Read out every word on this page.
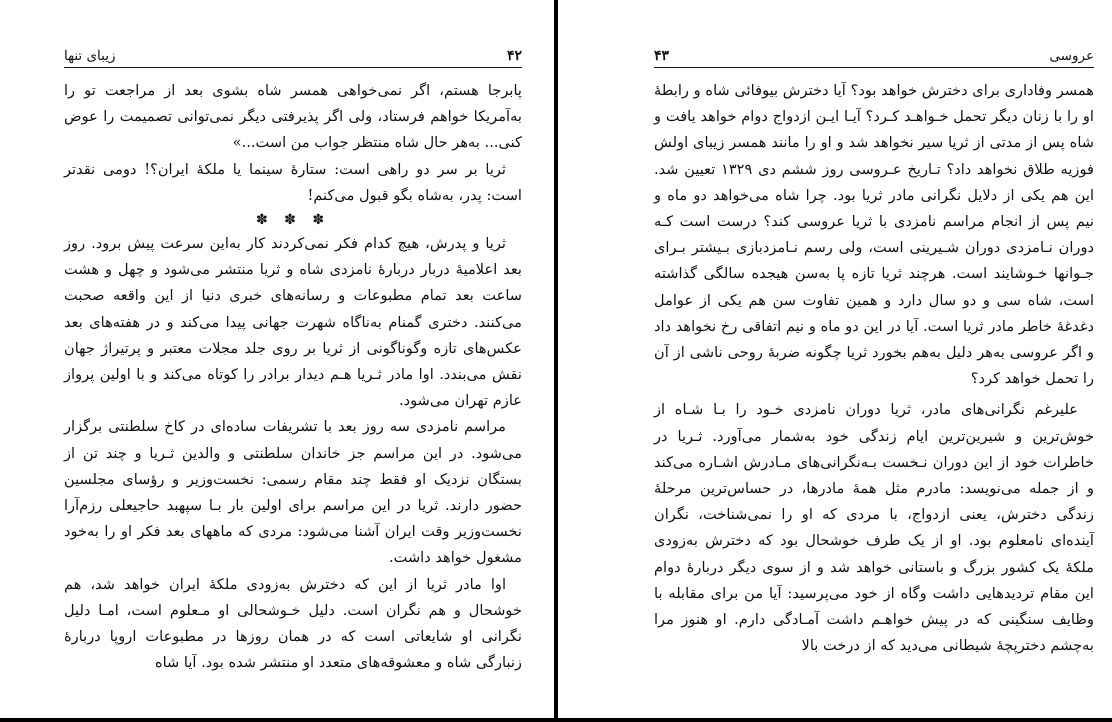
۴۲
زیبای تنها

پابرجا هستم، اگر نمی‌خواهی همسر شاه بشوی بعد از مراجعت تو را به‌آمریکا خواهم فرستاد، ولی اگر پذیرفتی دیگر نمی‌توانی تصمیمت را عوض کنی... به‌هر حال شاه منتظر جواب من است...»

ثریا بر سر دو راهی است: ستارهٔ سینما یا ملکهٔ ایران؟! دومی نقدتر است: پدر، به‌شاه بگو قبول می‌کنم!

✽ ✽ ✽

ثریا و پدرش، هیچ کدام فکر نمی‌کردند کار به‌این سرعت پیش برود. روز بعد اعلامیهٔ دربار دربارهٔ نامزدی شاه و ثریا منتشر می‌شود و چهل و هشت ساعت بعد تمام مطبوعات و رسانه‌های خبری دنیا از این واقعه صحبت می‌کنند. دختری گمنام به‌ناگاه شهرت جهانی پیدا می‌کند و در هفته‌های بعد عکس‌های تازه وگوناگونی از ثریا بر روی جلد مجلات معتبر و پرتیراژ جهان نقش می‌بندد. اوا مادر ثـریا هـم دیدار برادر را کوتاه می‌کند و با اولین پرواز عازم تهران می‌شود.

مراسم نامزدی سه روز بعد با تشریفات ساده‌ای در کاخ سلطنتی برگزار می‌شود. در این مراسم جز خاندان سلطنتی و والدین ثـریا و چند تن از بستگان نزدیک او فقط چند مقام رسمی: نخست‌وزیر و رؤسای مجلسین حضور دارند. ثریا در این مراسم برای اولین بار بـا سپهبد حاجیعلی رزم‌آرا نخست‌وزیر وقت ایران آشنا می‌شود: مردی که ماههای بعد فکر او را به‌خود مشغول خواهد داشت.

اوا مادر ثریا از این که دخترش به‌زودی ملکهٔ ایران خواهد شد، هم خوشحال و هم نگران است. دلیل خـوشحالی او مـعلوم است، امـا دلیل نگرانی او شایعاتی است که در همان روزها در مطبوعات اروپا دربارهٔ زنبارگی شاه و معشوقه‌های متعدد او منتشر شده بود. آیا شاه

عروسی
۴۳

همسر وفاداری برای دخترش خواهد بود؟ آیا دخترش بیوفائی شاه و رابطهٔ او را با زنان دیگر تحمل خـواهـد کـرد؟ آیـا ایـن ازدواج دوام خواهد یافت و شاه پس از مدتی از ثریا سیر نخواهد شد و او را مانند همسر زیبای اولش فوزیه طلاق نخواهد داد؟ تـاریخ عـروسی روز ششم دی ۱۳۲۹ تعیین شد. این هم یکی از دلایل نگرانی مادر ثریا بود. چرا شاه می‌خواهد دو ماه و نیم پس از انجام مراسم نامزدی با ثریا عروسی کند؟ درست است کـه دوران نـامزدی دوران شـیرینی است، ولی رسم نـامزدبازی بـیشتر بـرای جـوانها خـوشایند است. هرچند ثریا تازه پا به‌سن هیجده سالگی گذاشته است، شاه سی و دو سال دارد و همین تفاوت سن هم یکی از عوامل دغدغهٔ خاطر مادر ثریا است. آیا در این دو ماه و نیم اتفاقی رخ نخواهد داد و اگر عروسی به‌هر دلیل به‌هم بخورد ثریا چگونه ضربهٔ روحی ناشی از آن را تحمل خواهد کرد؟

علیرغم نگرانی‌های مادر، ثریا دوران نامزدی خـود را بـا شـاه از خوش‌ترین و شیرین‌ترین ایام زندگی خود به‌شمار می‌آورد. ثـریا در خاطرات خود از این دوران نـخست بـه‌نگرانی‌های مـادرش اشـاره می‌کند و از جمله می‌نویسد: مادرم مثل همهٔ مادرها، در حساس‌ترین مرحلهٔ زندگی دخترش، یعنی ازدواج، با مردی که او را نمی‌شناخت، نگران آینده‌ای نامعلوم بود. او از یک طرف خوشحال بود که دخترش به‌زودی ملکهٔ یک کشور بزرگ و باستانی خواهد شد و از سوی دیگر دربارهٔ دوام این مقام تردیدهایی داشت وگاه از خود می‌پرسید: آیا من برای مقابله با وظایف سنگینی که در پیش خواهـم داشت آمـادگی دارم. او هنوز مرا به‌چشم دخترپچهٔ شیطانی می‌دید که از درخت بالا
